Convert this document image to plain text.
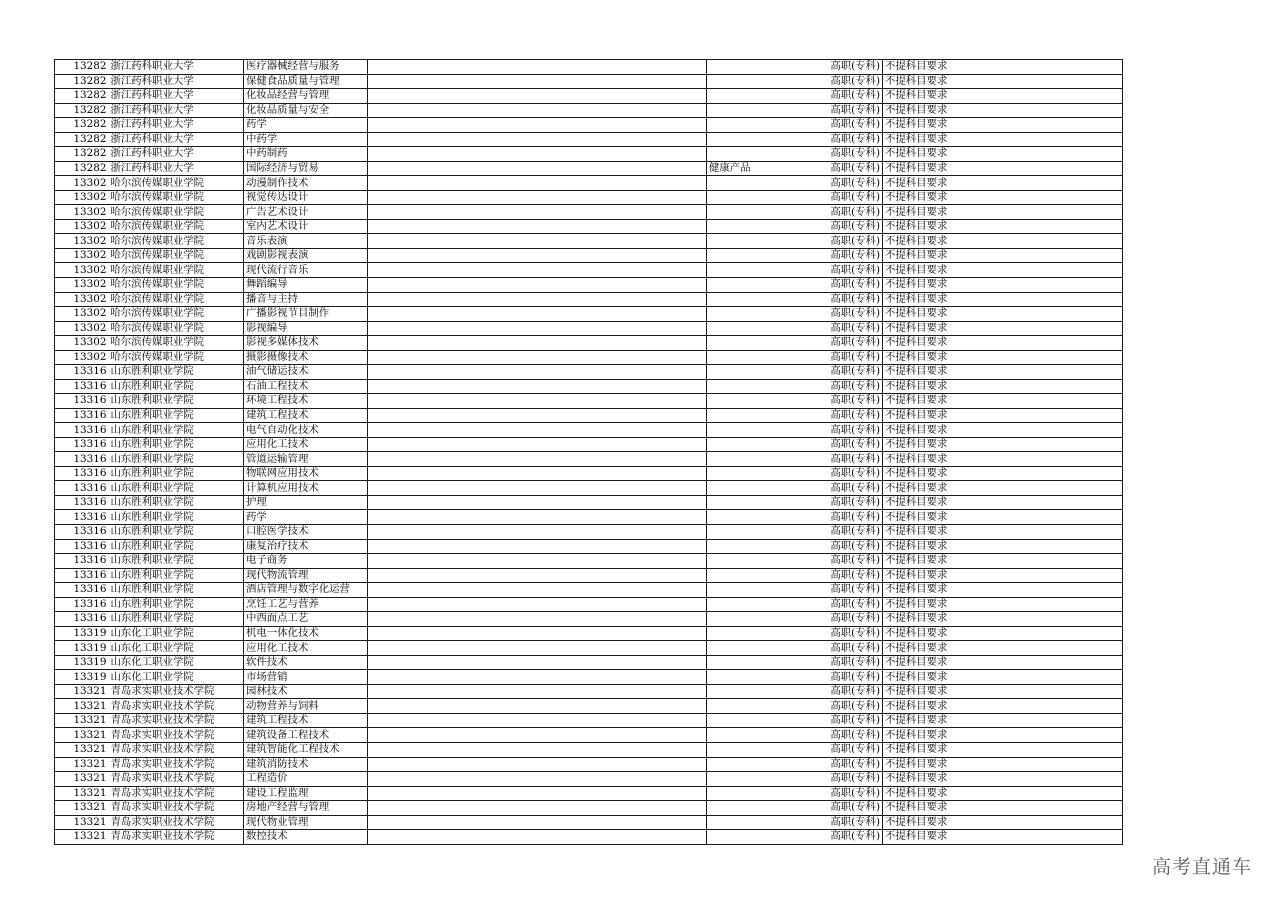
13282	浙江药科职业大学	医疗器械经营与服务			高职(专科)	不提科目要求
13282	浙江药科职业大学	保健食品质量与管理			高职(专科)	不提科目要求
13282	浙江药科职业大学	化妆品经营与管理			高职(专科)	不提科目要求
13282	浙江药科职业大学	化妆品质量与安全			高职(专科)	不提科目要求
13282	浙江药科职业大学	药学			高职(专科)	不提科目要求
13282	浙江药科职业大学	中药学			高职(专科)	不提科目要求
13282	浙江药科职业大学	中药制药			高职(专科)	不提科目要求
13282	浙江药科职业大学	国际经济与贸易		健康产品	高职(专科)	不提科目要求
13302	哈尔滨传媒职业学院	动漫制作技术			高职(专科)	不提科目要求
13302	哈尔滨传媒职业学院	视觉传达设计			高职(专科)	不提科目要求
13302	哈尔滨传媒职业学院	广告艺术设计			高职(专科)	不提科目要求
13302	哈尔滨传媒职业学院	室内艺术设计			高职(专科)	不提科目要求
13302	哈尔滨传媒职业学院	音乐表演			高职(专科)	不提科目要求
13302	哈尔滨传媒职业学院	戏剧影视表演			高职(专科)	不提科目要求
13302	哈尔滨传媒职业学院	现代流行音乐			高职(专科)	不提科目要求
13302	哈尔滨传媒职业学院	舞蹈编导			高职(专科)	不提科目要求
13302	哈尔滨传媒职业学院	播音与主持			高职(专科)	不提科目要求
13302	哈尔滨传媒职业学院	广播影视节目制作			高职(专科)	不提科目要求
13302	哈尔滨传媒职业学院	影视编导			高职(专科)	不提科目要求
13302	哈尔滨传媒职业学院	影视多媒体技术			高职(专科)	不提科目要求
13302	哈尔滨传媒职业学院	摄影摄像技术			高职(专科)	不提科目要求
13316	山东胜利职业学院	油气储运技术			高职(专科)	不提科目要求
13316	山东胜利职业学院	石油工程技术			高职(专科)	不提科目要求
13316	山东胜利职业学院	环境工程技术			高职(专科)	不提科目要求
13316	山东胜利职业学院	建筑工程技术			高职(专科)	不提科目要求
13316	山东胜利职业学院	电气自动化技术			高职(专科)	不提科目要求
13316	山东胜利职业学院	应用化工技术			高职(专科)	不提科目要求
13316	山东胜利职业学院	管道运输管理			高职(专科)	不提科目要求
13316	山东胜利职业学院	物联网应用技术			高职(专科)	不提科目要求
13316	山东胜利职业学院	计算机应用技术			高职(专科)	不提科目要求
13316	山东胜利职业学院	护理			高职(专科)	不提科目要求
13316	山东胜利职业学院	药学			高职(专科)	不提科目要求
13316	山东胜利职业学院	口腔医学技术			高职(专科)	不提科目要求
13316	山东胜利职业学院	康复治疗技术			高职(专科)	不提科目要求
13316	山东胜利职业学院	电子商务			高职(专科)	不提科目要求
13316	山东胜利职业学院	现代物流管理			高职(专科)	不提科目要求
13316	山东胜利职业学院	酒店管理与数字化运营			高职(专科)	不提科目要求
13316	山东胜利职业学院	烹饪工艺与营养			高职(专科)	不提科目要求
13316	山东胜利职业学院	中西面点工艺			高职(专科)	不提科目要求
13319	山东化工职业学院	机电一体化技术			高职(专科)	不提科目要求
13319	山东化工职业学院	应用化工技术			高职(专科)	不提科目要求
13319	山东化工职业学院	软件技术			高职(专科)	不提科目要求
13319	山东化工职业学院	市场营销			高职(专科)	不提科目要求
13321	青岛求实职业技术学院	园林技术			高职(专科)	不提科目要求
13321	青岛求实职业技术学院	动物营养与饲料			高职(专科)	不提科目要求
13321	青岛求实职业技术学院	建筑工程技术			高职(专科)	不提科目要求
13321	青岛求实职业技术学院	建筑设备工程技术			高职(专科)	不提科目要求
13321	青岛求实职业技术学院	建筑智能化工程技术			高职(专科)	不提科目要求
13321	青岛求实职业技术学院	建筑消防技术			高职(专科)	不提科目要求
13321	青岛求实职业技术学院	工程造价			高职(专科)	不提科目要求
13321	青岛求实职业技术学院	建设工程监理			高职(专科)	不提科目要求
13321	青岛求实职业技术学院	房地产经营与管理			高职(专科)	不提科目要求
13321	青岛求实职业技术学院	现代物业管理			高职(专科)	不提科目要求
13321	青岛求实职业技术学院	数控技术			高职(专科)	不提科目要求
高考直通车
